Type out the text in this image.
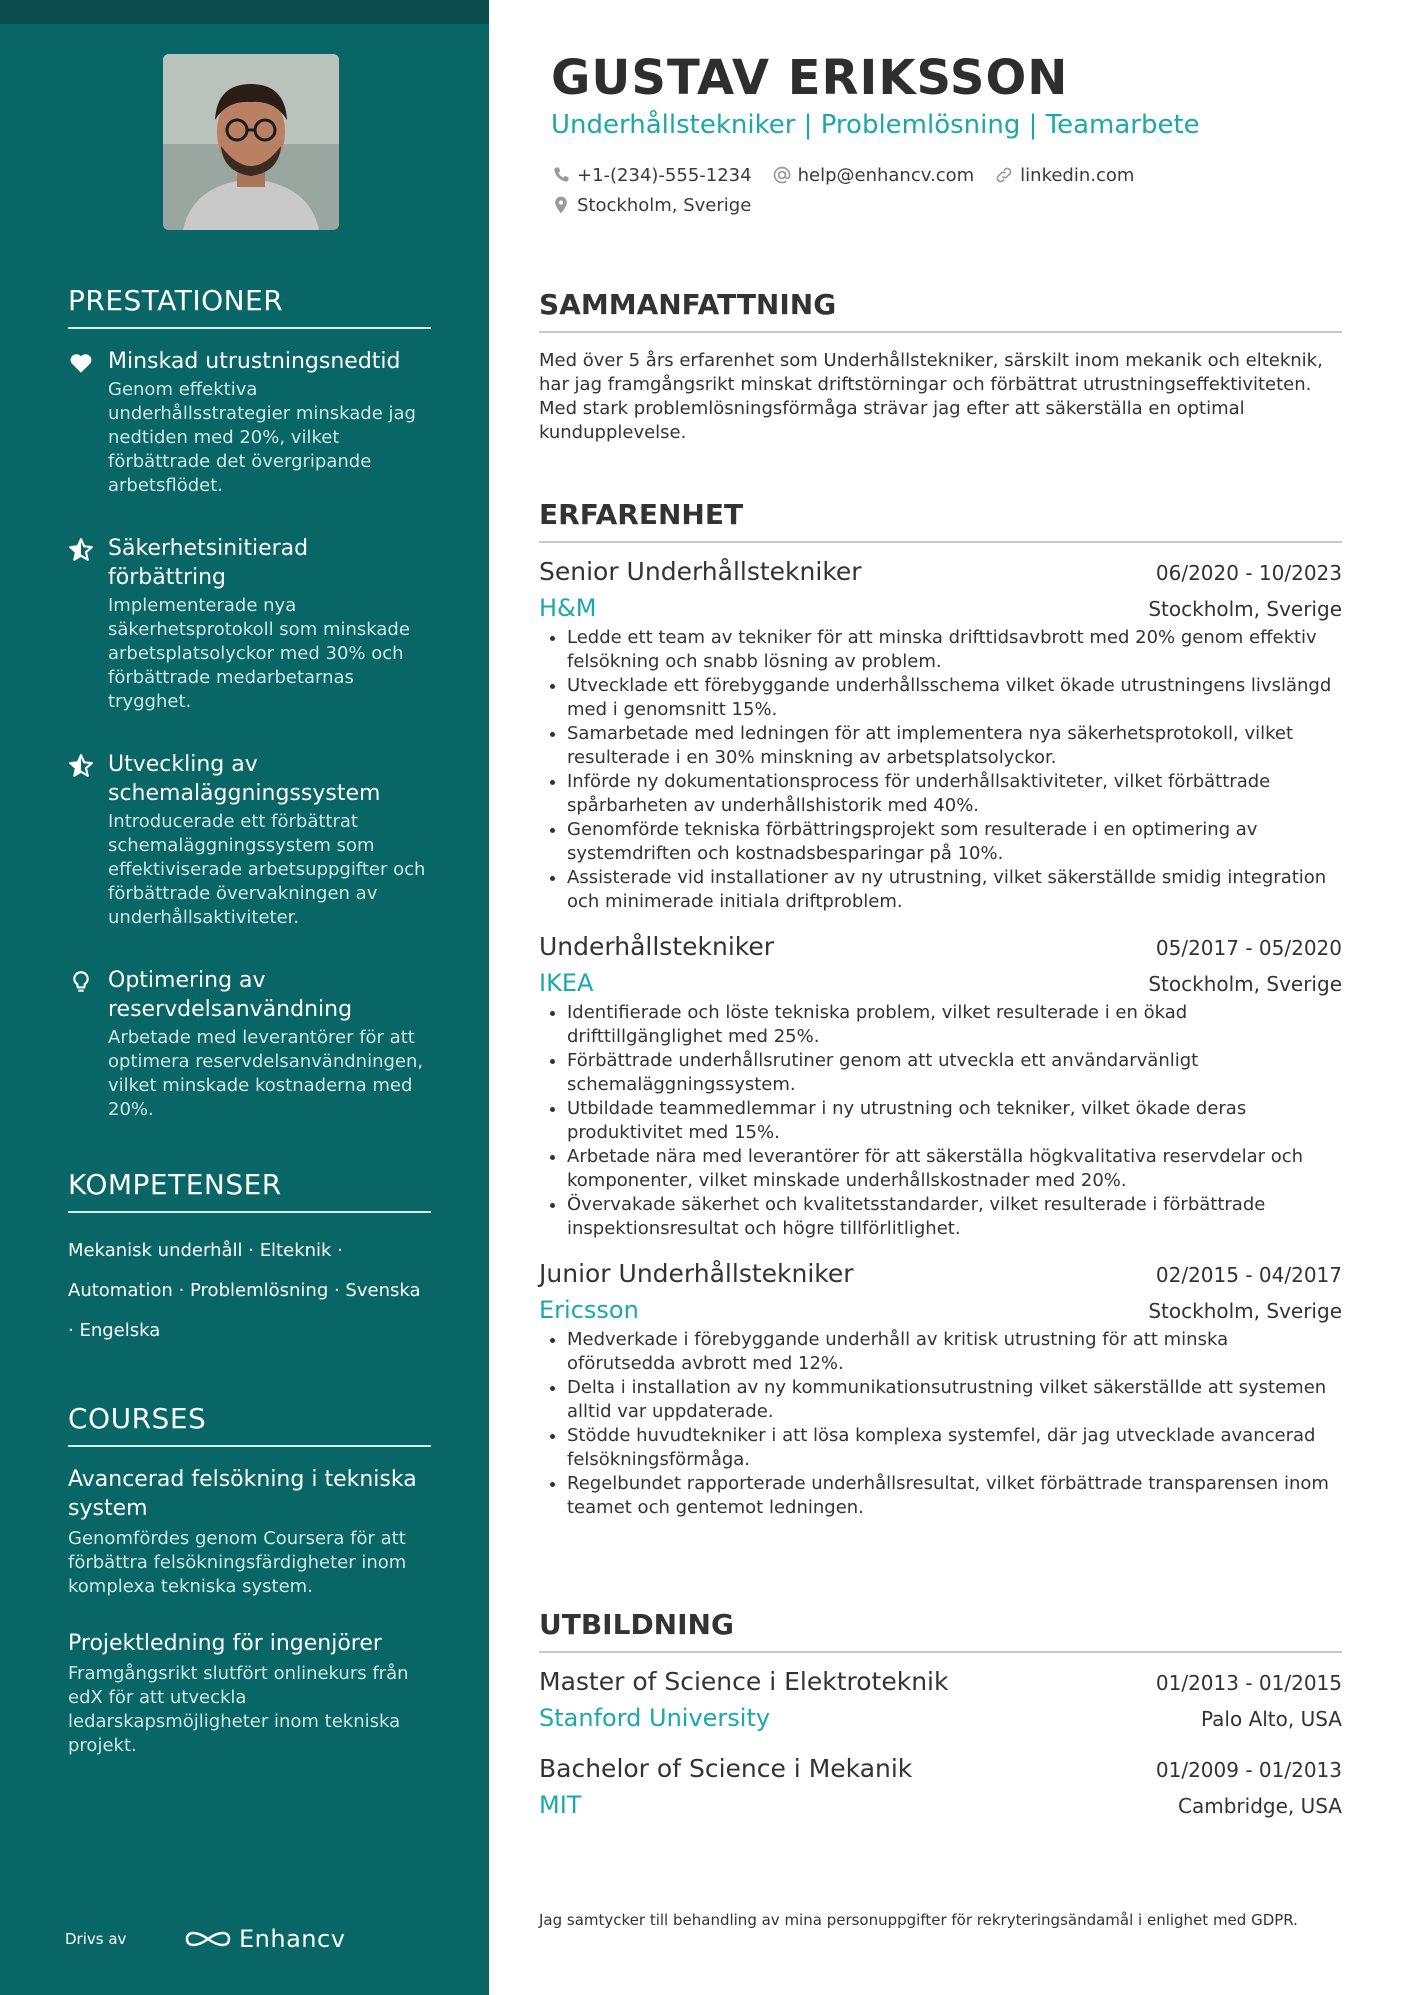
PRESTATIONER
Minskad utrustningsnedtid
Genom effektiva underhållsstrategier minskade jag nedtiden med 20%, vilket förbättrade det övergripande arbetsflödet.
Säkerhetsinitierad förbättring
Implementerade nya säkerhetsprotokoll som minskade arbetsplatsolyckor med 30% och förbättrade medarbetarnas trygghet.
Utveckling av schemaläggningssystem
Introducerade ett förbättrat schemaläggningssystem som effektiviserade arbetsuppgifter och förbättrade övervakningen av underhållsaktiviteter.
Optimering av reservdelsanvändning
Arbetade med leverantörer för att optimera reservdelsanvändningen, vilket minskade kostnaderna med 20%.
KOMPETENSER
Mekanisk underhåll · Elteknik · Automation · Problemlösning · Svenska · Engelska
COURSES
Avancerad felsökning i tekniska system
Genomfördes genom Coursera för att förbättra felsökningsfärdigheter inom komplexa tekniska system.
Projektledning för ingenjörer
Framgångsrikt slutfört onlinekurs från edX för att utveckla ledarskapsmöjligheter inom tekniska projekt.
Drivs av	Enhancv
GUSTAV ERIKSSON
Underhållstekniker | Problemlösning | Teamarbete
+1-(234)-555-1234	help@enhancv.com	linkedin.com
Stockholm, Sverige
SAMMANFATTNING

Med över 5 års erfarenhet som Underhållstekniker, särskilt inom mekanik och elteknik, har jag framgångsrikt minskat driftstörningar och förbättrat utrustningseffektiviteten. Med stark problemlösningsförmåga strävar jag efter att säkerställa en optimal kundupplevelse.

ERFARENHET
Senior Underhållstekniker	06/2020 - 10/2023
H&M	Stockholm, Sverige
• Ledde ett team av tekniker för att minska drifttidsavbrott med 20% genom effektiv felsökning och snabb lösning av problem.
• Utvecklade ett förebyggande underhållsschema vilket ökade utrustningens livslängd med i genomsnitt 15%.
• Samarbetade med ledningen för att implementera nya säkerhetsprotokoll, vilket resulterade i en 30% minskning av arbetsplatsolyckor.
• Införde ny dokumentationsprocess för underhållsaktiviteter, vilket förbättrade spårbarheten av underhållshistorik med 40%.
• Genomförde tekniska förbättringsprojekt som resulterade i en optimering av systemdriften och kostnadsbesparingar på 10%.
• Assisterade vid installationer av ny utrustning, vilket säkerställde smidig integration och minimerade initiala driftproblem.
Underhållstekniker	05/2017 - 05/2020
IKEA	Stockholm, Sverige
• Identifierade och löste tekniska problem, vilket resulterade i en ökad drifttillgänglighet med 25%.
• Förbättrade underhållsrutiner genom att utveckla ett användarvänligt schemaläggningssystem.
• Utbildade teammedlemmar i ny utrustning och tekniker, vilket ökade deras produktivitet med 15%.
• Arbetade nära med leverantörer för att säkerställa högkvalitativa reservdelar och komponenter, vilket minskade underhållskostnader med 20%.
• Övervakade säkerhet och kvalitetsstandarder, vilket resulterade i förbättrade inspektionsresultat och högre tillförlitlighet.
Junior Underhållstekniker	02/2015 - 04/2017
Ericsson	Stockholm, Sverige
• Medverkade i förebyggande underhåll av kritisk utrustning för att minska oförutsedda avbrott med 12%.
• Delta i installation av ny kommunikationsutrustning vilket säkerställde att systemen alltid var uppdaterade.
• Stödde huvudtekniker i att lösa komplexa systemfel, där jag utvecklade avancerad felsökningsförmåga.
• Regelbundet rapporterade underhållsresultat, vilket förbättrade transparensen inom teamet och gentemot ledningen.
UTBILDNING
Master of Science i Elektroteknik	01/2013 - 01/2015
Stanford University	Palo Alto, USA
Bachelor of Science i Mekanik	01/2009 - 01/2013
MIT	Cambridge, USA
Jag samtycker till behandling av mina personuppgifter för rekryteringsändamål i enlighet med GDPR.
